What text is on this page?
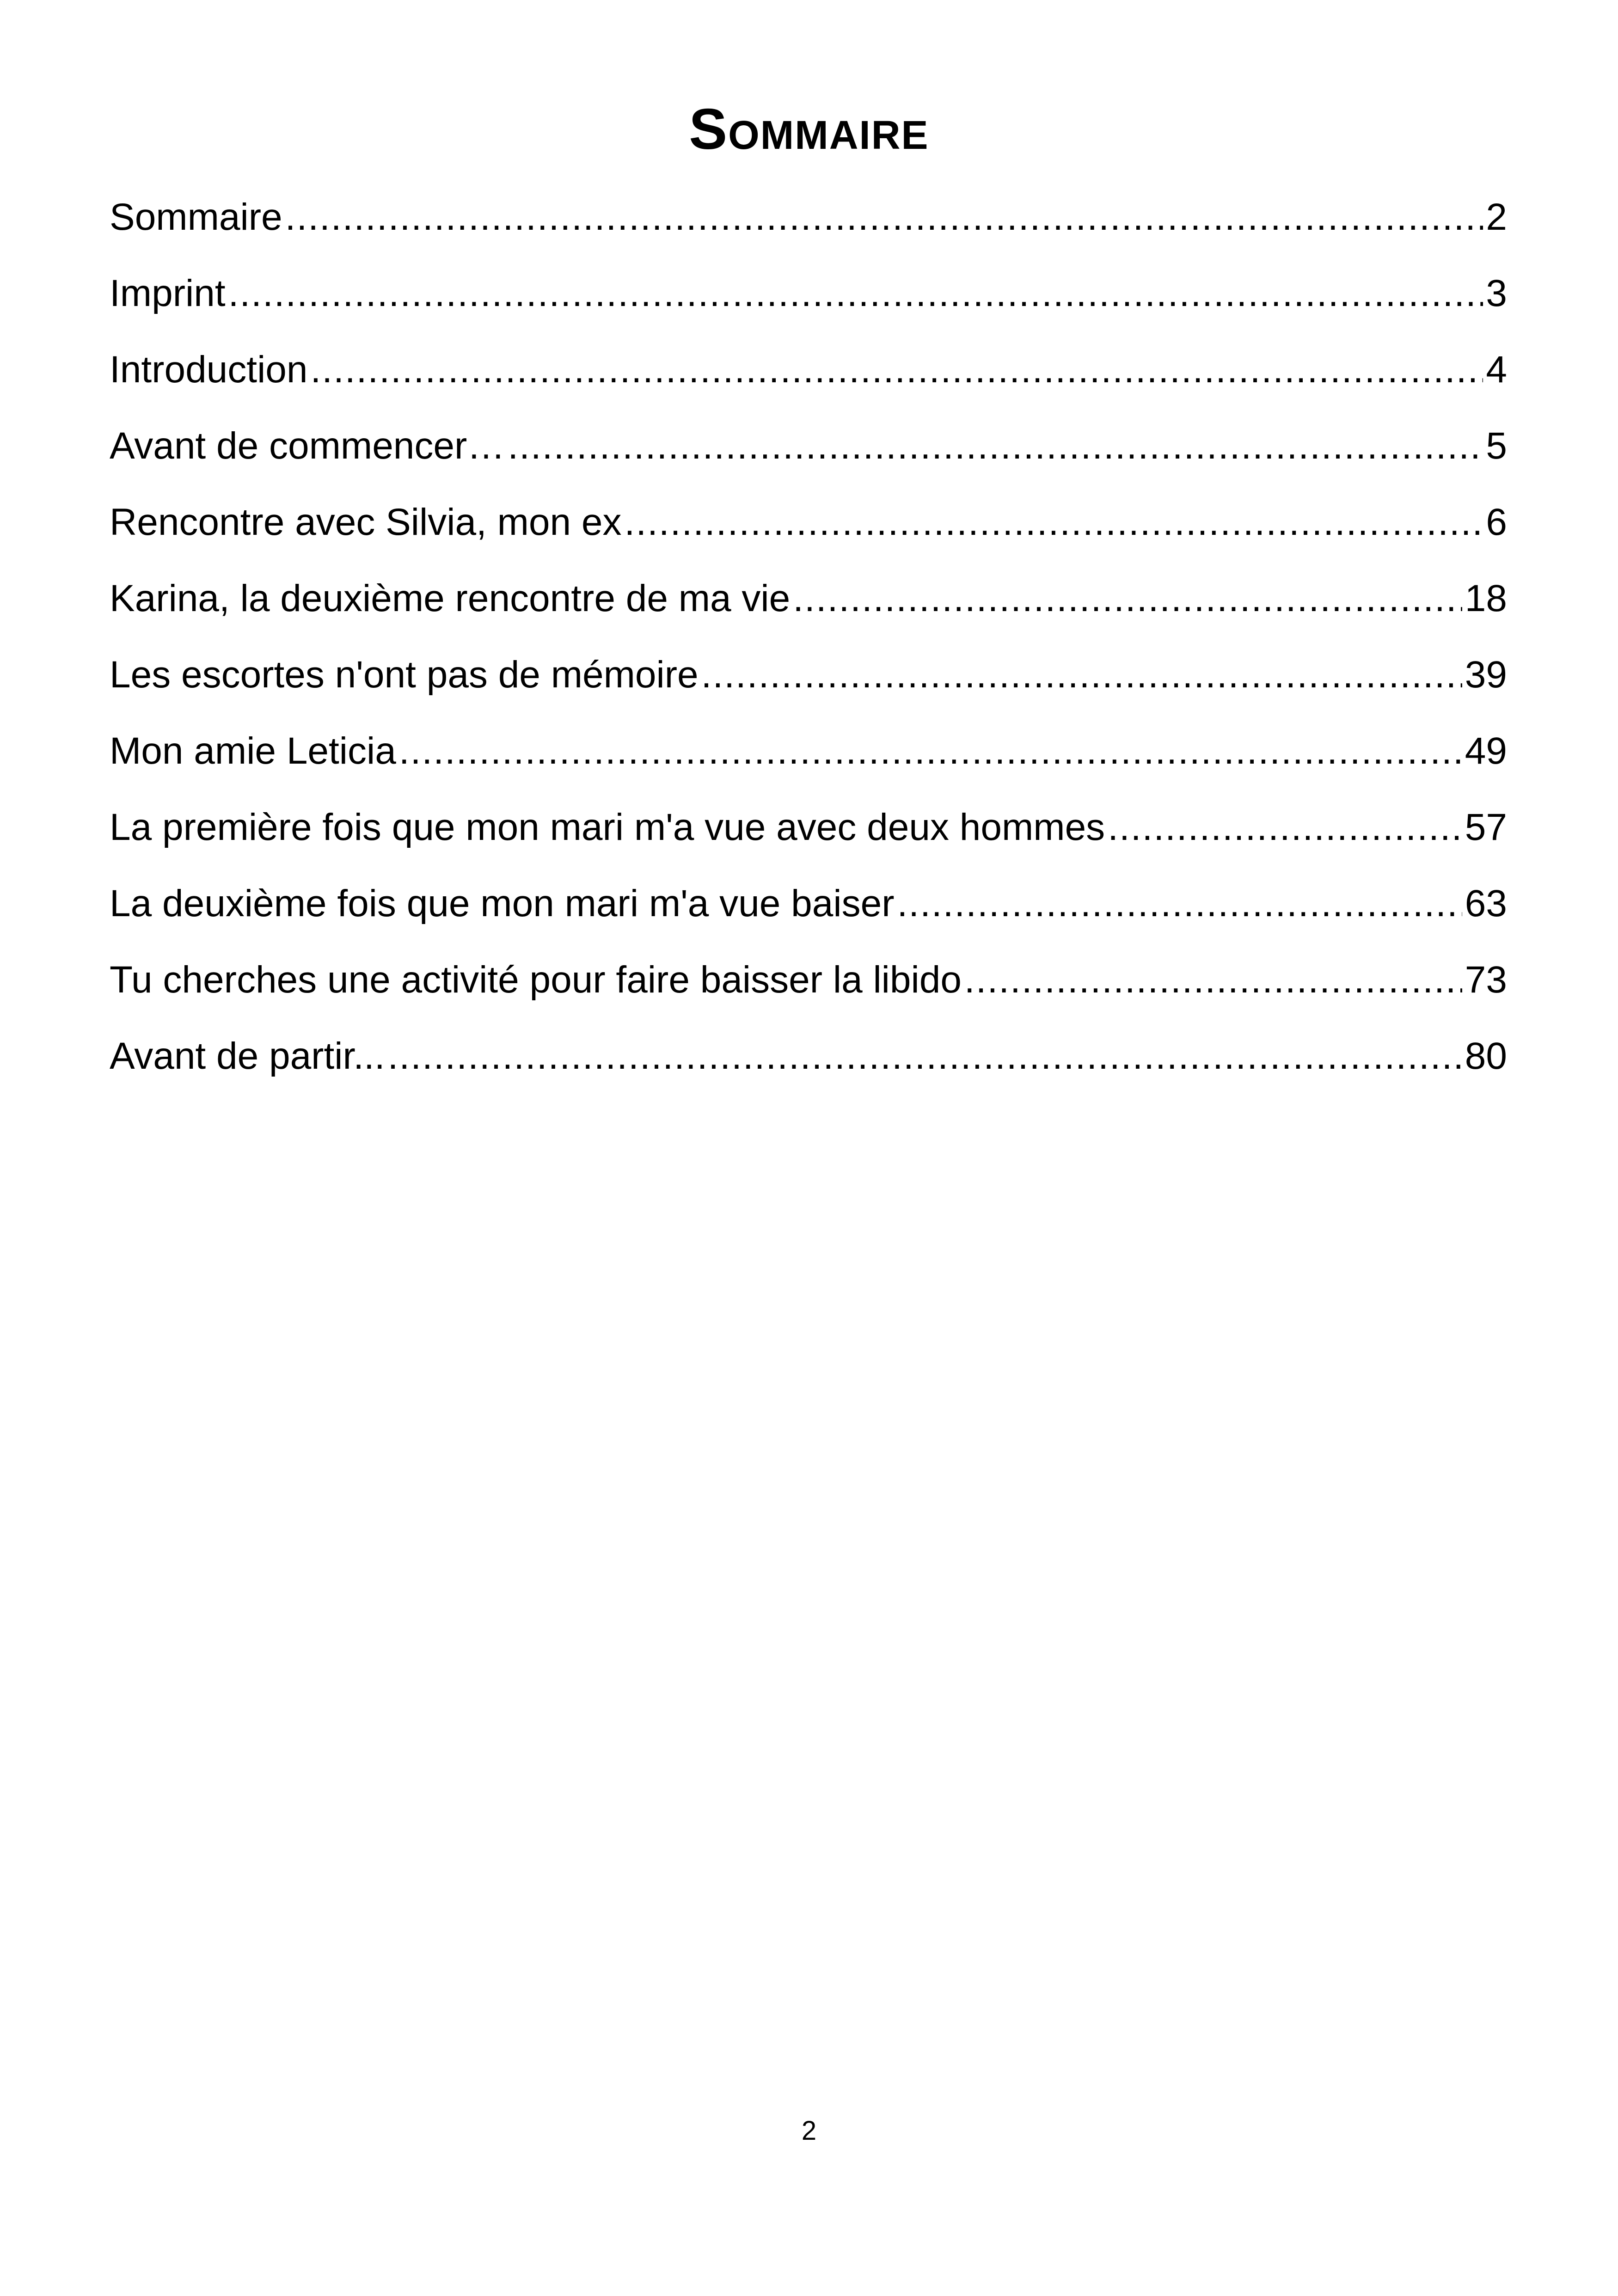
Sommaire
Sommaire .....	2
Imprint .....	3
Introduction .....	4
Avant de commencer… .....	5
Rencontre avec Silvia, mon ex .....	6
Karina, la deuxième rencontre de ma vie .....	18
Les escortes n'ont pas de mémoire .....	39
Mon amie Leticia .....	49
La première fois que mon mari m'a vue avec deux hommes .....	57
La deuxième fois que mon mari m'a vue baiser .....	63
Tu cherches une activité pour faire baisser la libido .....	73
Avant de partir... .....	80
2
